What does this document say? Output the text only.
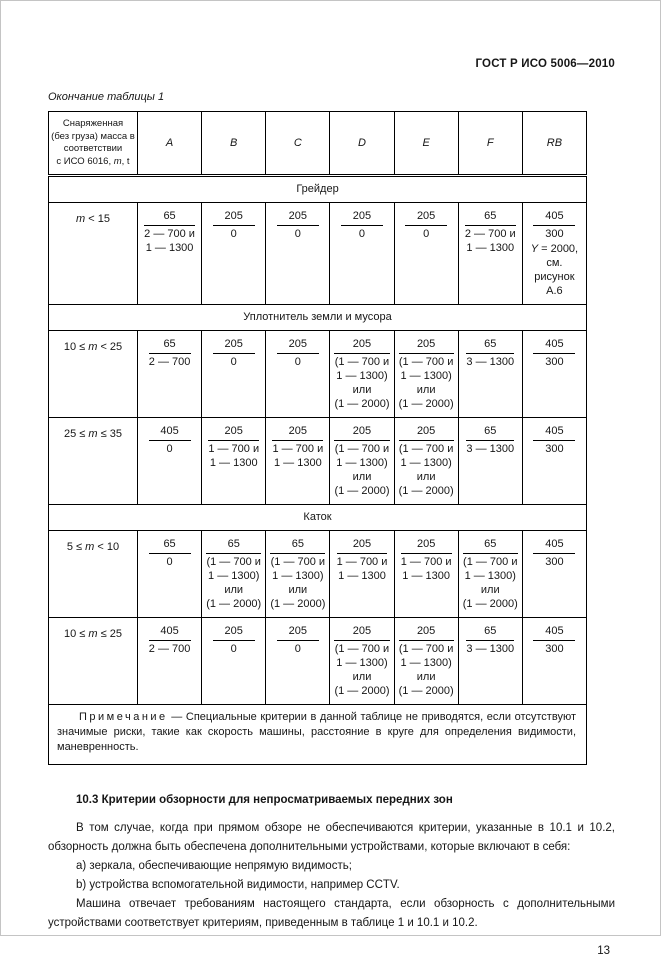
ГОСТ Р ИСО 5006—2010
Окончание таблицы 1
Снаряженная
(без груза) масса в
соответствии
с ИСО 6016, m, t	A	B	C	D	E	F	RB
Грейдер							
m < 15	65
2 — 700 и
1 — 1300	$\frac{205}{0}$	$\frac{205}{0}$	$\frac{205}{0}$	$\frac{205}{0}$	65
2 — 700 и
1 — 1300	$\frac{405}{300}$
Y = 2000,
см. рисунок
А.6

Уплотнитель земли и мусора							
10 ≤ m < 25	$\frac{65}{2 — 700}$	$\frac{205}{0}$	$\frac{205}{0}$	205
(1 — 700 и
1 — 1300)
или
(1 — 2000)	205
(1 — 700 и
1 — 1300)
или
(1 — 2000)	$\frac{65}{3 — 1300}$	$\frac{405}{300}$

25 ≤ m ≤ 35	$\frac{405}{0}$	205
1 — 700 и
1 — 1300	205
1 — 700 и
1 — 1300	205
(1 — 700 и
1 — 1300)
или
(1 — 2000)	205
(1 — 700 и
1 — 1300)
или
(1 — 2000)	$\frac{65}{3 — 1300}$	$\frac{405}{300}$

Каток							
5 ≤ m < 10	$\frac{65}{0}$	65
(1 — 700 и
1 — 1300)
или
(1 — 2000)	65
(1 — 700 и
1 — 1300)
или
(1 — 2000)	205
1 — 700 и
1 — 1300	205
1 — 700 и
1 — 1300	65
(1 — 700 и
1 — 1300)
или
(1 — 2000)	$\frac{405}{300}$

10 ≤ m ≤ 25	$\frac{405}{2 — 700}$	$\frac{205}{0}$	$\frac{205}{0}$	205
(1 — 700 и
1 — 1300)
или
(1 — 2000)	205
(1 — 700 и
1 — 1300)
или
(1 — 2000)	$\frac{65}{3 — 1300}$	$\frac{405}{300}$

Примечание — Специальные критерии в данной таблице не приводятся, если отсутствуют значимые риски, такие как скорость машины, расстояние в круге для определения видимости, маневренность.							

10.3 Критерии обзорности для непросматриваемых передних зон

В том случае, когда при прямом обзоре не обеспечиваются критерии, указанные в 10.1 и 10.2, обзорность должна быть обеспечена дополнительными устройствами, которые включают в себя:

a) зеркала, обеспечивающие непрямую видимость;

b) устройства вспомогательной видимости, например CCTV.

Машина отвечает требованиям настоящего стандарта, если обзорность с дополнительными устройствами соответствует критериям, приведенным в таблице 1 и 10.1 и 10.2.

13
